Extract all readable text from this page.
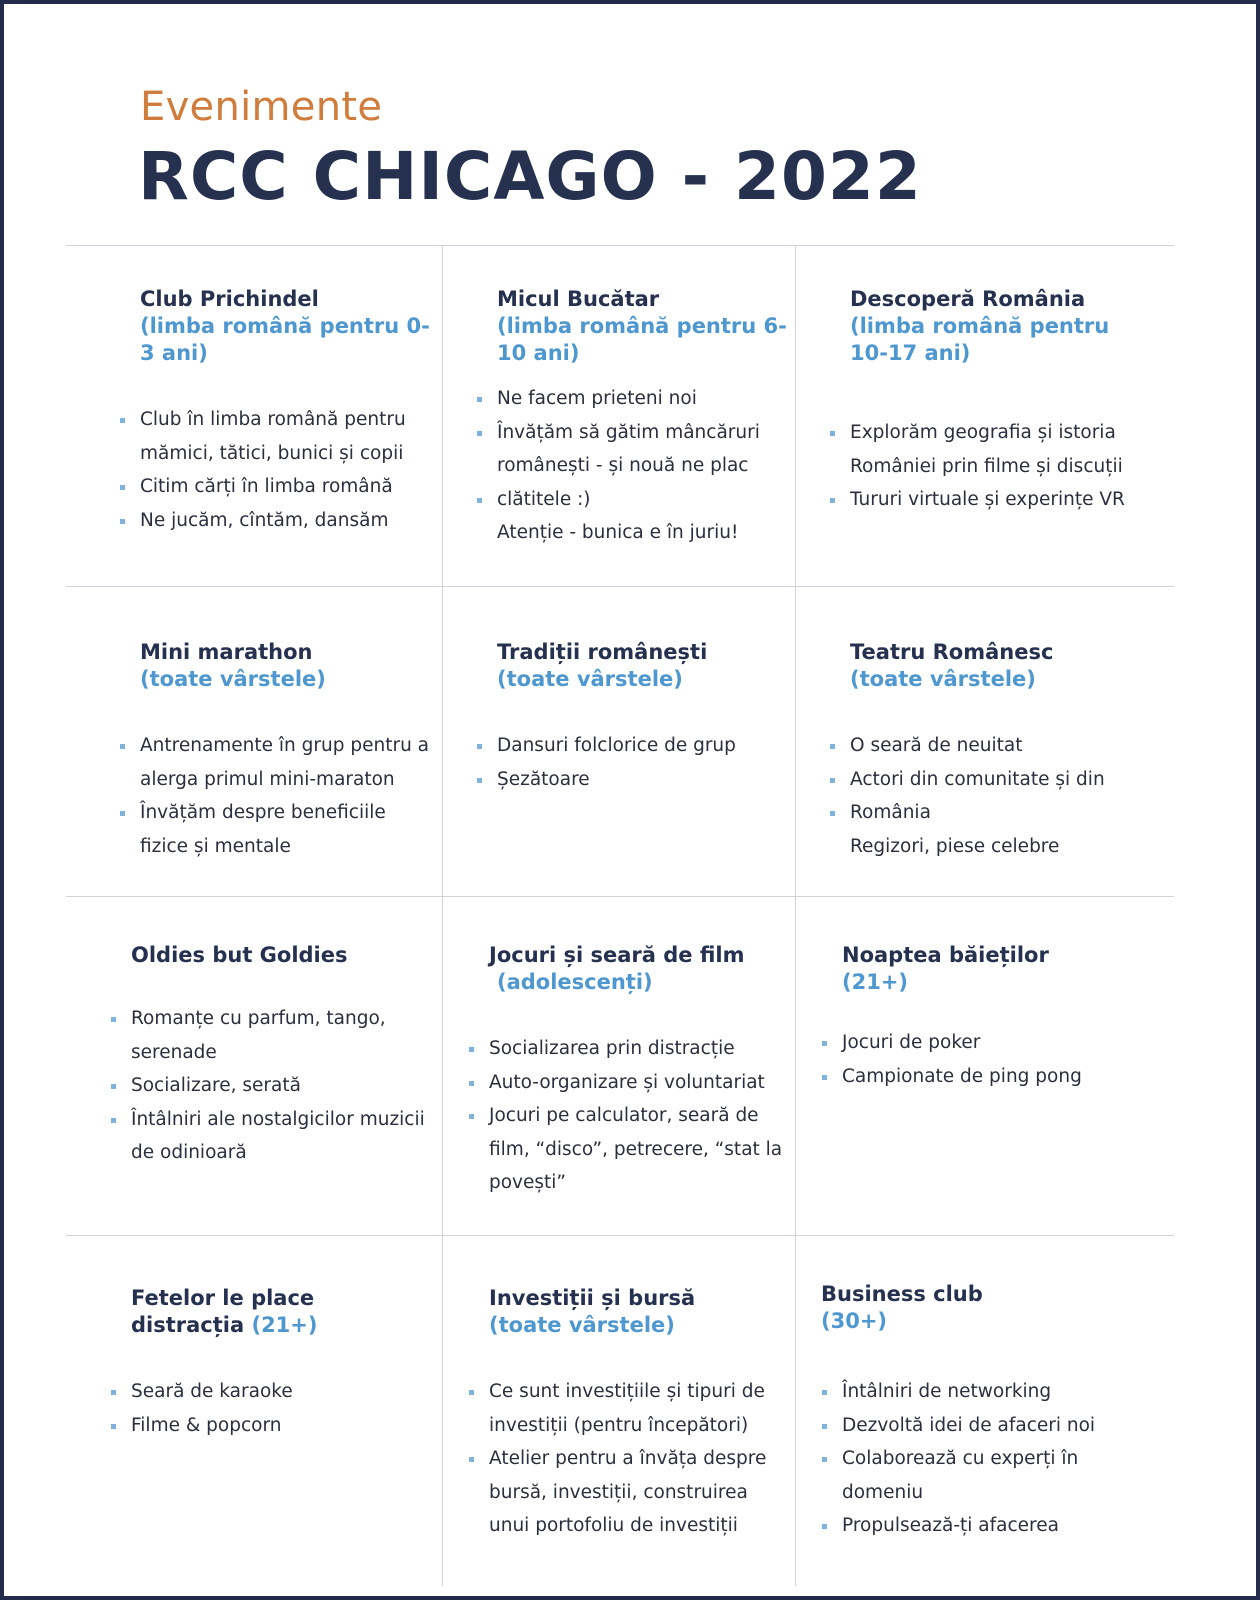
Evenimente
RCC CHICAGO - 2022
Club Prichindel
(limba română pentru 0-3 ani)
Club în limba română pentru mămici, tătici, bunici și copii
Citim cărți în limba română
Ne jucăm, cîntăm, dansăm
Micul Bucătar
(limba română pentru 6-10 ani)
Ne facem prieteni noi
Învățăm să gătim mâncăruri românești - și nouă ne plac
clătitele :)
Atenție - bunica e în juriu!
Descoperă România
(limba română pentru 10-17 ani)
Explorăm geografia și istoria României prin filme și discuții
Tururi virtuale și experințe VR
Mini marathon
(toate vârstele)
Antrenamente în grup pentru a alerga primul mini-maraton
Învățăm despre beneficiile fizice și mentale
Tradiții românești
(toate vârstele)
Dansuri folclorice de grup
Șezătoare
Teatru Românesc
(toate vârstele)
O seară de neuitat
Actori din comunitate și din
România
Regizori, piese celebre
Oldies but Goldies
Romanțe cu parfum, tango, serenade
Socializare, serată
Întâlniri ale nostalgicilor muzicii de odinioară
Jocuri și seară de film
(adolescenți)
Socializarea prin distracție
Auto-organizare și voluntariat
Jocuri pe calculator, seară de film, “disco”, petrecere, “stat la povești”
Noaptea băieților
(21+)
Jocuri de poker
Campionate de ping pong
Fetelor le place distracția (21+)
Seară de karaoke
Filme & popcorn
Investiții și bursă
(toate vârstele)
Ce sunt investițiile și tipuri de investiții (pentru începători)
Atelier pentru a învăța despre bursă, investiții, construirea unui portofoliu de investiții
Business club
(30+)
Întâlniri de networking
Dezvoltă idei de afaceri noi
Colaborează cu experți în domeniu
Propulsează-ți afacerea
